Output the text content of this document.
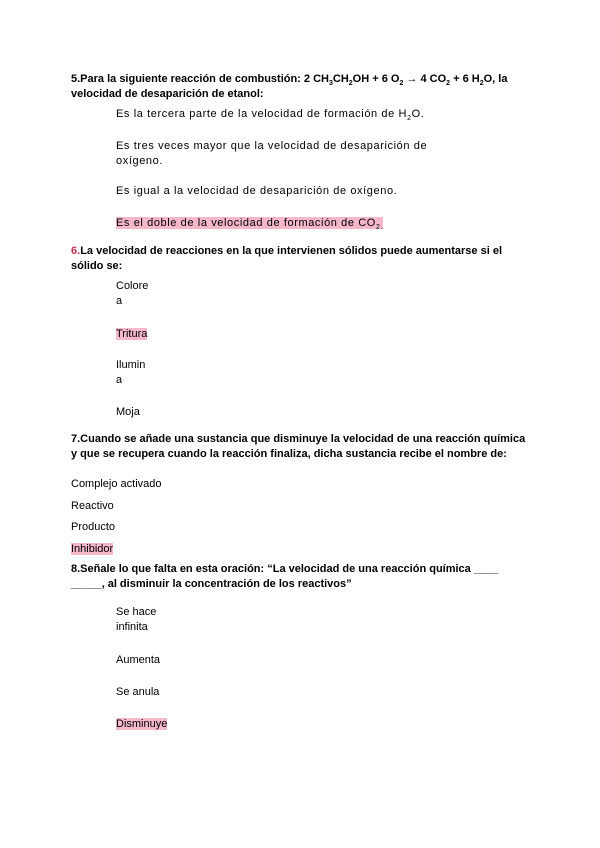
5.Para la siguiente reacción de combustión: 2 $CH_3CH_2OH + 6$ $O_2 \to 4$ $CO_2 + 6$ $H_2O$, la velocidad de desaparición de etanol:
Es la tercera parte de la velocidad de formación de $H_2O$.
Es tres veces mayor que la velocidad de desaparición de
oxígeno.
Es igual a la velocidad de desaparición de oxígeno.
Es el doble de la velocidad de formación de $CO_{2.}$
6.La velocidad de reacciones en la que intervienen sólidos puede aumentarse si el sólido se:
Colore
a
Tritura
Ilumin
a
Moja
7.Cuando se añade una sustancia que disminuye la velocidad de una reacción química y que se recupera cuando la reacción finaliza, dicha sustancia recibe el nombre de:
Complejo activado
Reactivo
Producto
Inhibidor
8.Señale lo que falta en esta oración: “La velocidad de una reacción química ____ _____, al disminuir la concentración de los reactivos”
Se hace
infinita
Aumenta
Se anula
Disminuye
